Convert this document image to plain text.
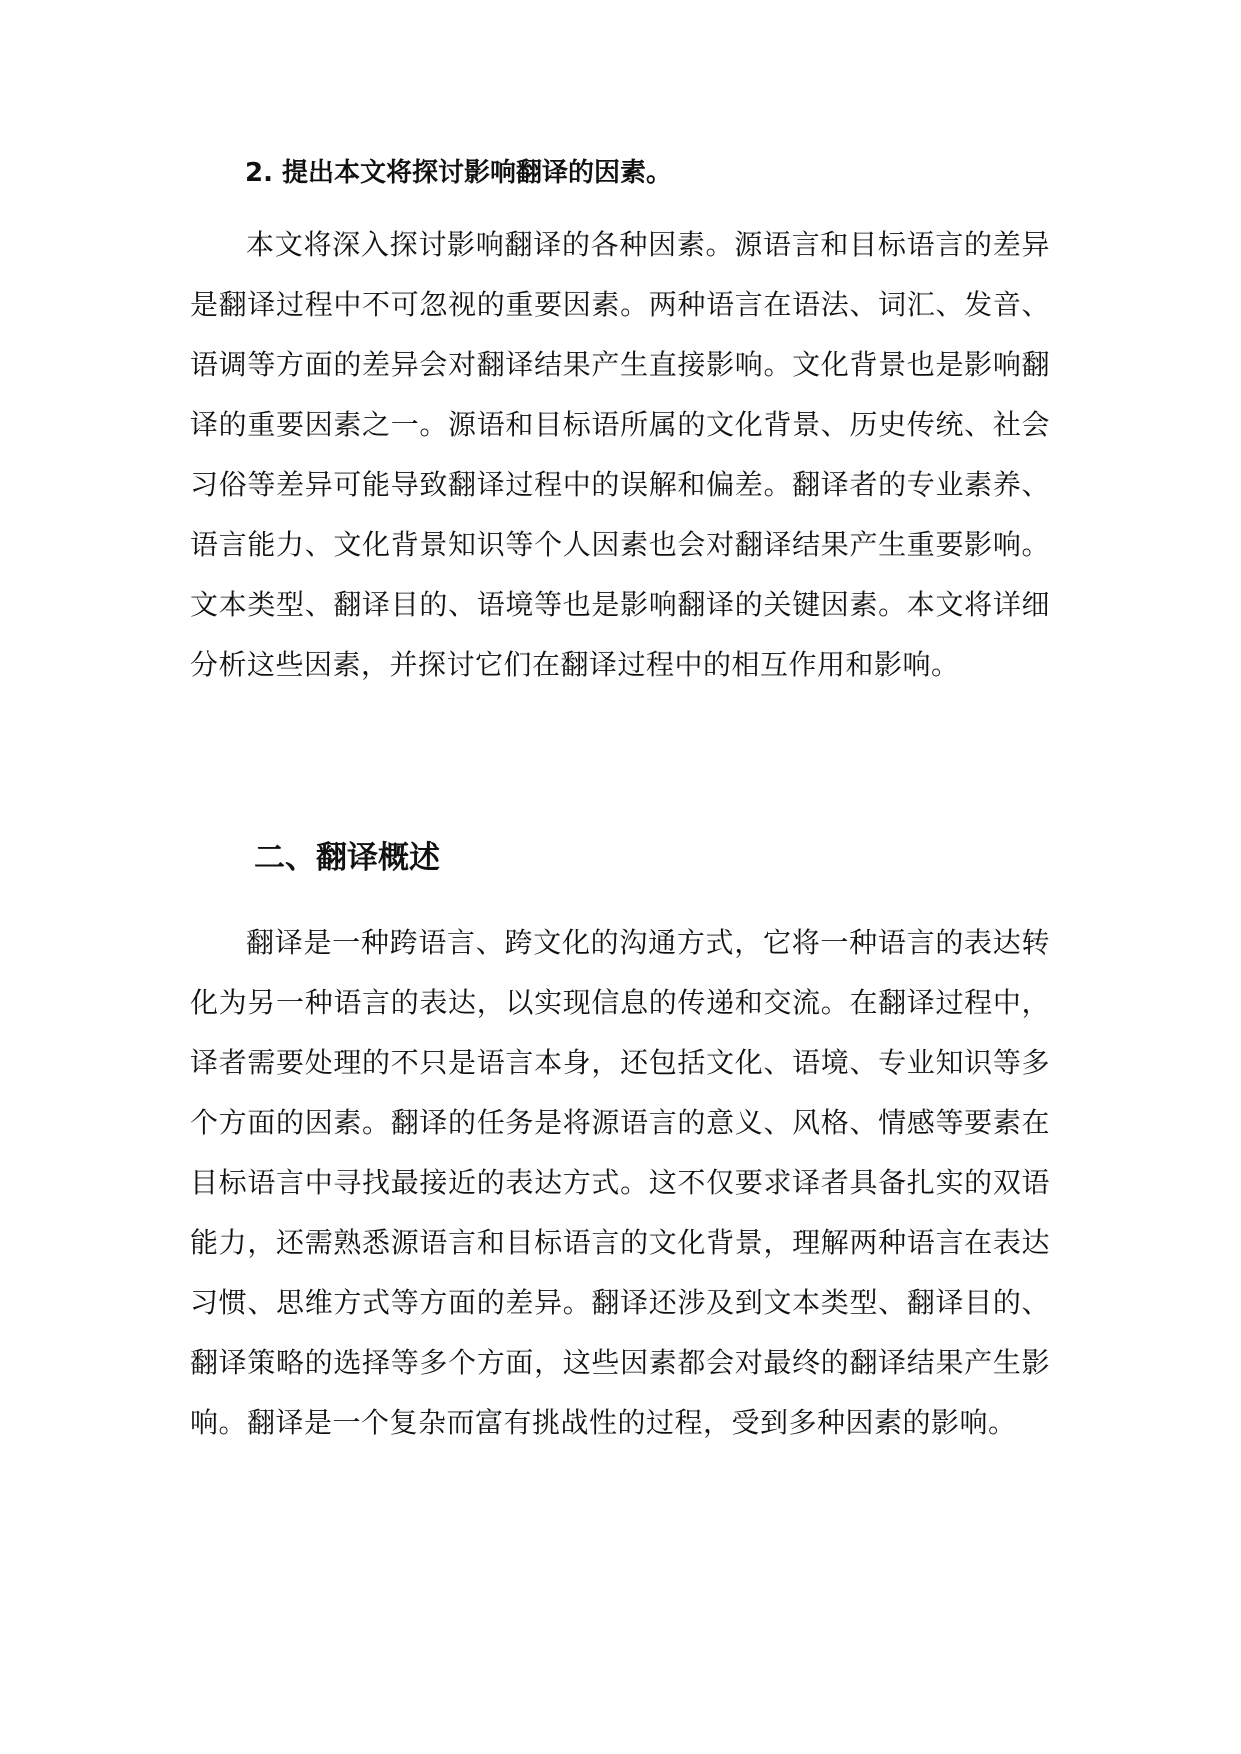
2. 提出本文将探讨影响翻译的因素。

本文将深入探讨影响翻译的各种因素。源语言和目标语言的差异是翻译过程中不可忽视的重要因素。两种语言在语法、词汇、发音、语调等方面的差异会对翻译结果产生直接影响。文化背景也是影响翻译的重要因素之一。源语和目标语所属的文化背景、历史传统、社会习俗等差异可能导致翻译过程中的误解和偏差。翻译者的专业素养、语言能力、文化背景知识等个人因素也会对翻译结果产生重要影响。文本类型、翻译目的、语境等也是影响翻译的关键因素。本文将详细分析这些因素，并探讨它们在翻译过程中的相互作用和影响。

二、翻译概述

翻译是一种跨语言、跨文化的沟通方式，它将一种语言的表达转化为另一种语言的表达，以实现信息的传递和交流。在翻译过程中，译者需要处理的不只是语言本身，还包括文化、语境、专业知识等多个方面的因素。翻译的任务是将源语言的意义、风格、情感等要素在目标语言中寻找最接近的表达方式。这不仅要求译者具备扎实的双语能力，还需熟悉源语言和目标语言的文化背景，理解两种语言在表达习惯、思维方式等方面的差异。翻译还涉及到文本类型、翻译目的、翻译策略的选择等多个方面，这些因素都会对最终的翻译结果产生影响。翻译是一个复杂而富有挑战性的过程，受到多种因素的影响。
